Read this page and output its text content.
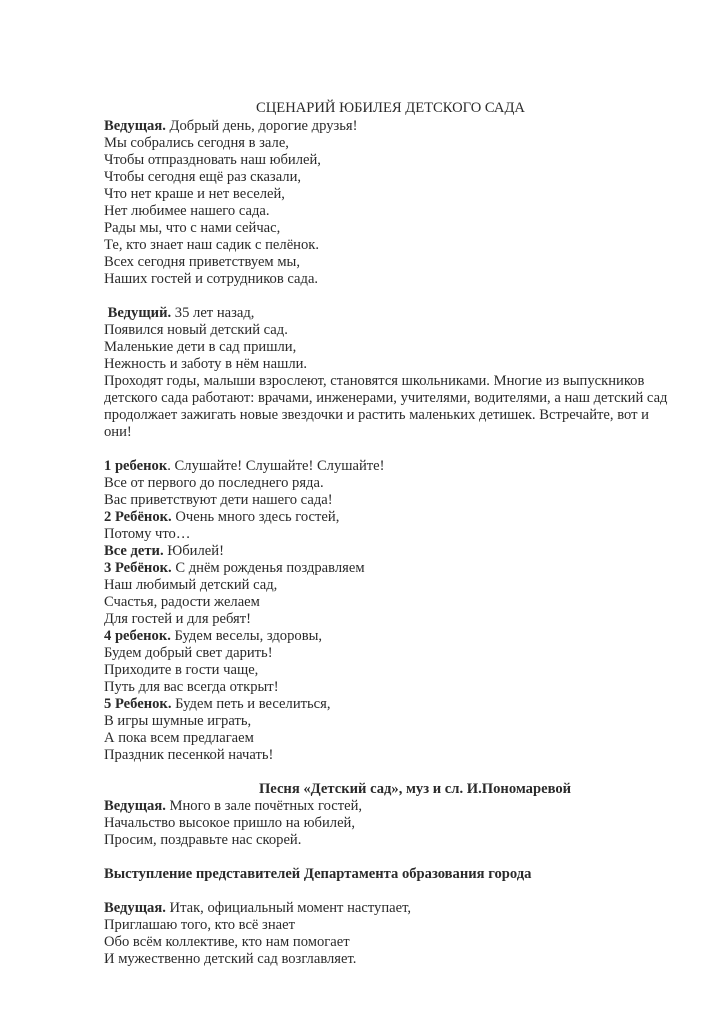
СЦЕНАРИЙ ЮБИЛЕЯ ДЕТСКОГО САДА
Ведущая. Добрый день, дорогие друзья!
Мы собрались сегодня в зале,
Чтобы отпраздновать наш юбилей,
Чтобы сегодня ещё раз сказали,
Что нет краше и нет веселей,
Нет любимее нашего сада.
Рады мы, что с нами сейчас,
Те, кто знает наш садик с пелёнок.
Всех сегодня приветствуем мы,
Наших гостей и сотрудников сада.
Ведущий. 35 лет назад,
Появился новый детский сад.
Маленькие дети в сад пришли,
Нежность и заботу в нём нашли.
Проходят годы, малыши взрослеют, становятся школьниками. Многие из выпускников
детского сада работают: врачами, инженерами, учителями, водителями, а наш детский сад
продолжает зажигать новые звездочки и растить маленьких детишек. Встречайте, вот и
они!
1 ребенок. Слушайте! Слушайте! Слушайте!
Все от первого до последнего ряда.
Вас приветствуют дети нашего сада!
2 Ребёнок. Очень много здесь гостей,
Потому что…
Все дети. Юбилей!
3 Ребёнок. С днём рожденья поздравляем
Наш любимый детский сад,
Счастья, радости желаем
Для гостей и для ребят!
4 ребенок. Будем веселы, здоровы,
Будем добрый свет дарить!
Приходите в гости чаще,
Путь для вас всегда открыт!
5 Ребенок. Будем петь и веселиться,
В игры шумные играть,
А пока всем предлагаем
Праздник песенкой начать!
Песня «Детский сад», муз и сл. И.Пономаревой
Ведущая. Много в зале почётных гостей,
Начальство высокое пришло на юбилей,
Просим, поздравьте нас скорей.
Выступление представителей Департамента образования города
Ведущая. Итак, официальный момент наступает,
Приглашаю того, кто всё знает
Обо всём коллективе, кто нам помогает
И мужественно детский сад возглавляет.
